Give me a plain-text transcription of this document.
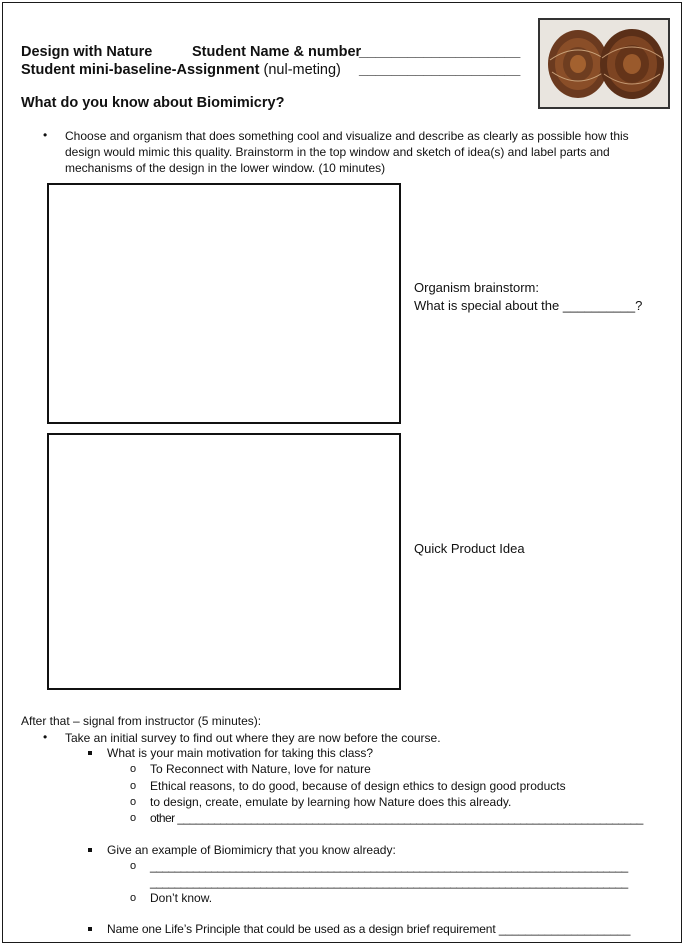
Design with Nature	Student Name & number
____________________
Student mini-baseline-Assignment (nul-meting) ____________________
What do you know about Biomimicry?
• Choose and organism that does something cool and visualize and describe as clearly as possible how this
design would mimic this quality. Brainstorm in the top window and sketch of idea(s) and label parts and
mechanisms of the design in the lower window. (10 minutes)
Organism brainstorm:
What is special about the __________?
Quick Product Idea
After that – signal from instructor (5 minutes):
• Take an initial survey to find out where they are now before the course.
What is your main motivation for taking this class?
o To Reconnect with Nature, love for nature
o Ethical reasons, to do good, because of design ethics to design good products
o to design, create, emulate by learning how Nature does this already.
o other ____________________________________________________________________________
Give an example of Biomimicry that you know already:
o ______________________________________________________________________________
______________________________________________________________________________
o Don’t know.
Name one Life’s Principle that could be used as a design brief requirement ____________________
